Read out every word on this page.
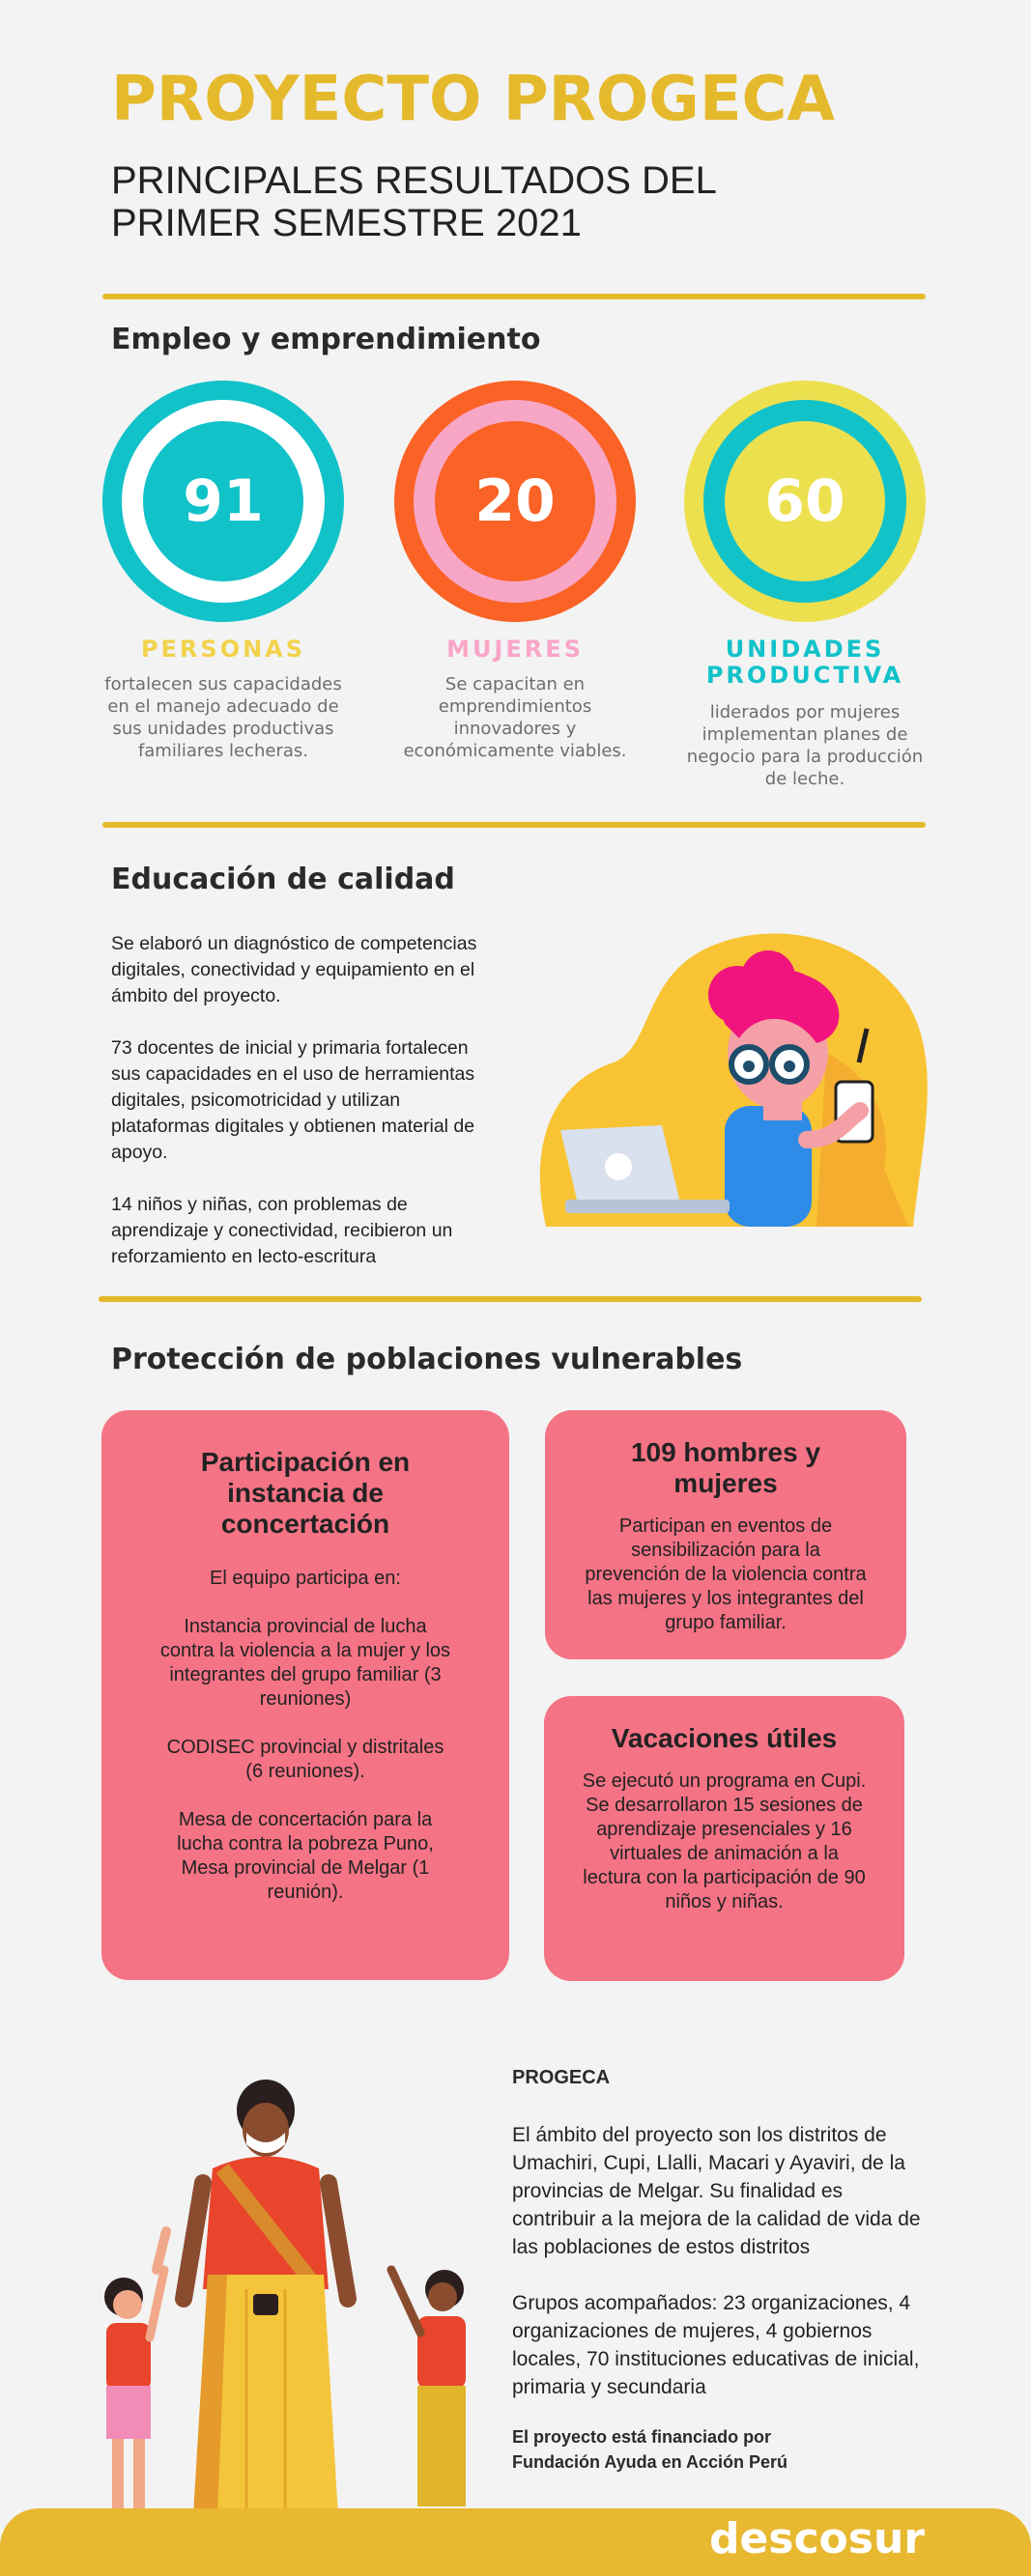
PROYECTO PROGECA
PRINCIPALES RESULTADOS DEL
PRIMER SEMESTRE 2021
Empleo y emprendimiento
91	20	60
PERSONAS	MUJERES	UNIDADES PRODUCTIVA
fortalecen sus capacidades en el manejo adecuado de sus unidades productivas familiares lecheras.
Se capacitan en emprendimientos innovadores y económicamente viables.
liderados por mujeres implementan planes de negocio para la producción de leche.
Educación de calidad

Se elaboró un diagnóstico de competencias digitales, conectividad y equipamiento en el ámbito del proyecto.

73 docentes de inicial y primaria fortalecen sus capacidades en el uso de herramientas digitales, psicomotricidad y utilizan plataformas digitales y obtienen material de apoyo.

14 niños y niñas, con problemas de aprendizaje y conectividad, recibieron un reforzamiento en lecto-escritura

Protección de poblaciones vulnerables
Participación en instancia de concertación

El equipo participa en:

Instancia provincial de lucha contra la violencia a la mujer y los integrantes del grupo familiar (3 reuniones)

CODISEC provincial y distritales (6 reuniones).

Mesa de concertación para la lucha contra la pobreza Puno, Mesa provincial de Melgar (1 reunión).

109 hombres y mujeres
Participan en eventos de sensibilización para la prevención de la violencia contra las mujeres y los integrantes del grupo familiar.
Vacaciones útiles
Se ejecutó un programa en Cupi. Se desarrollaron 15 sesiones de aprendizaje presenciales y 16 virtuales de animación a la lectura con la participación de 90 niños y niñas.
PROGECA

El ámbito del proyecto son los distritos de Umachiri, Cupi, Llalli, Macari y Ayaviri, de la provincias de Melgar. Su finalidad es contribuir a la mejora de la calidad de vida de las poblaciones de estos distritos

Grupos acompañados: 23 organizaciones, 4 organizaciones de mujeres, 4 gobiernos locales, 70 instituciones educativas de inicial, primaria y secundaria

El proyecto está financiado por
Fundación Ayuda en Acción Perú
descosur
